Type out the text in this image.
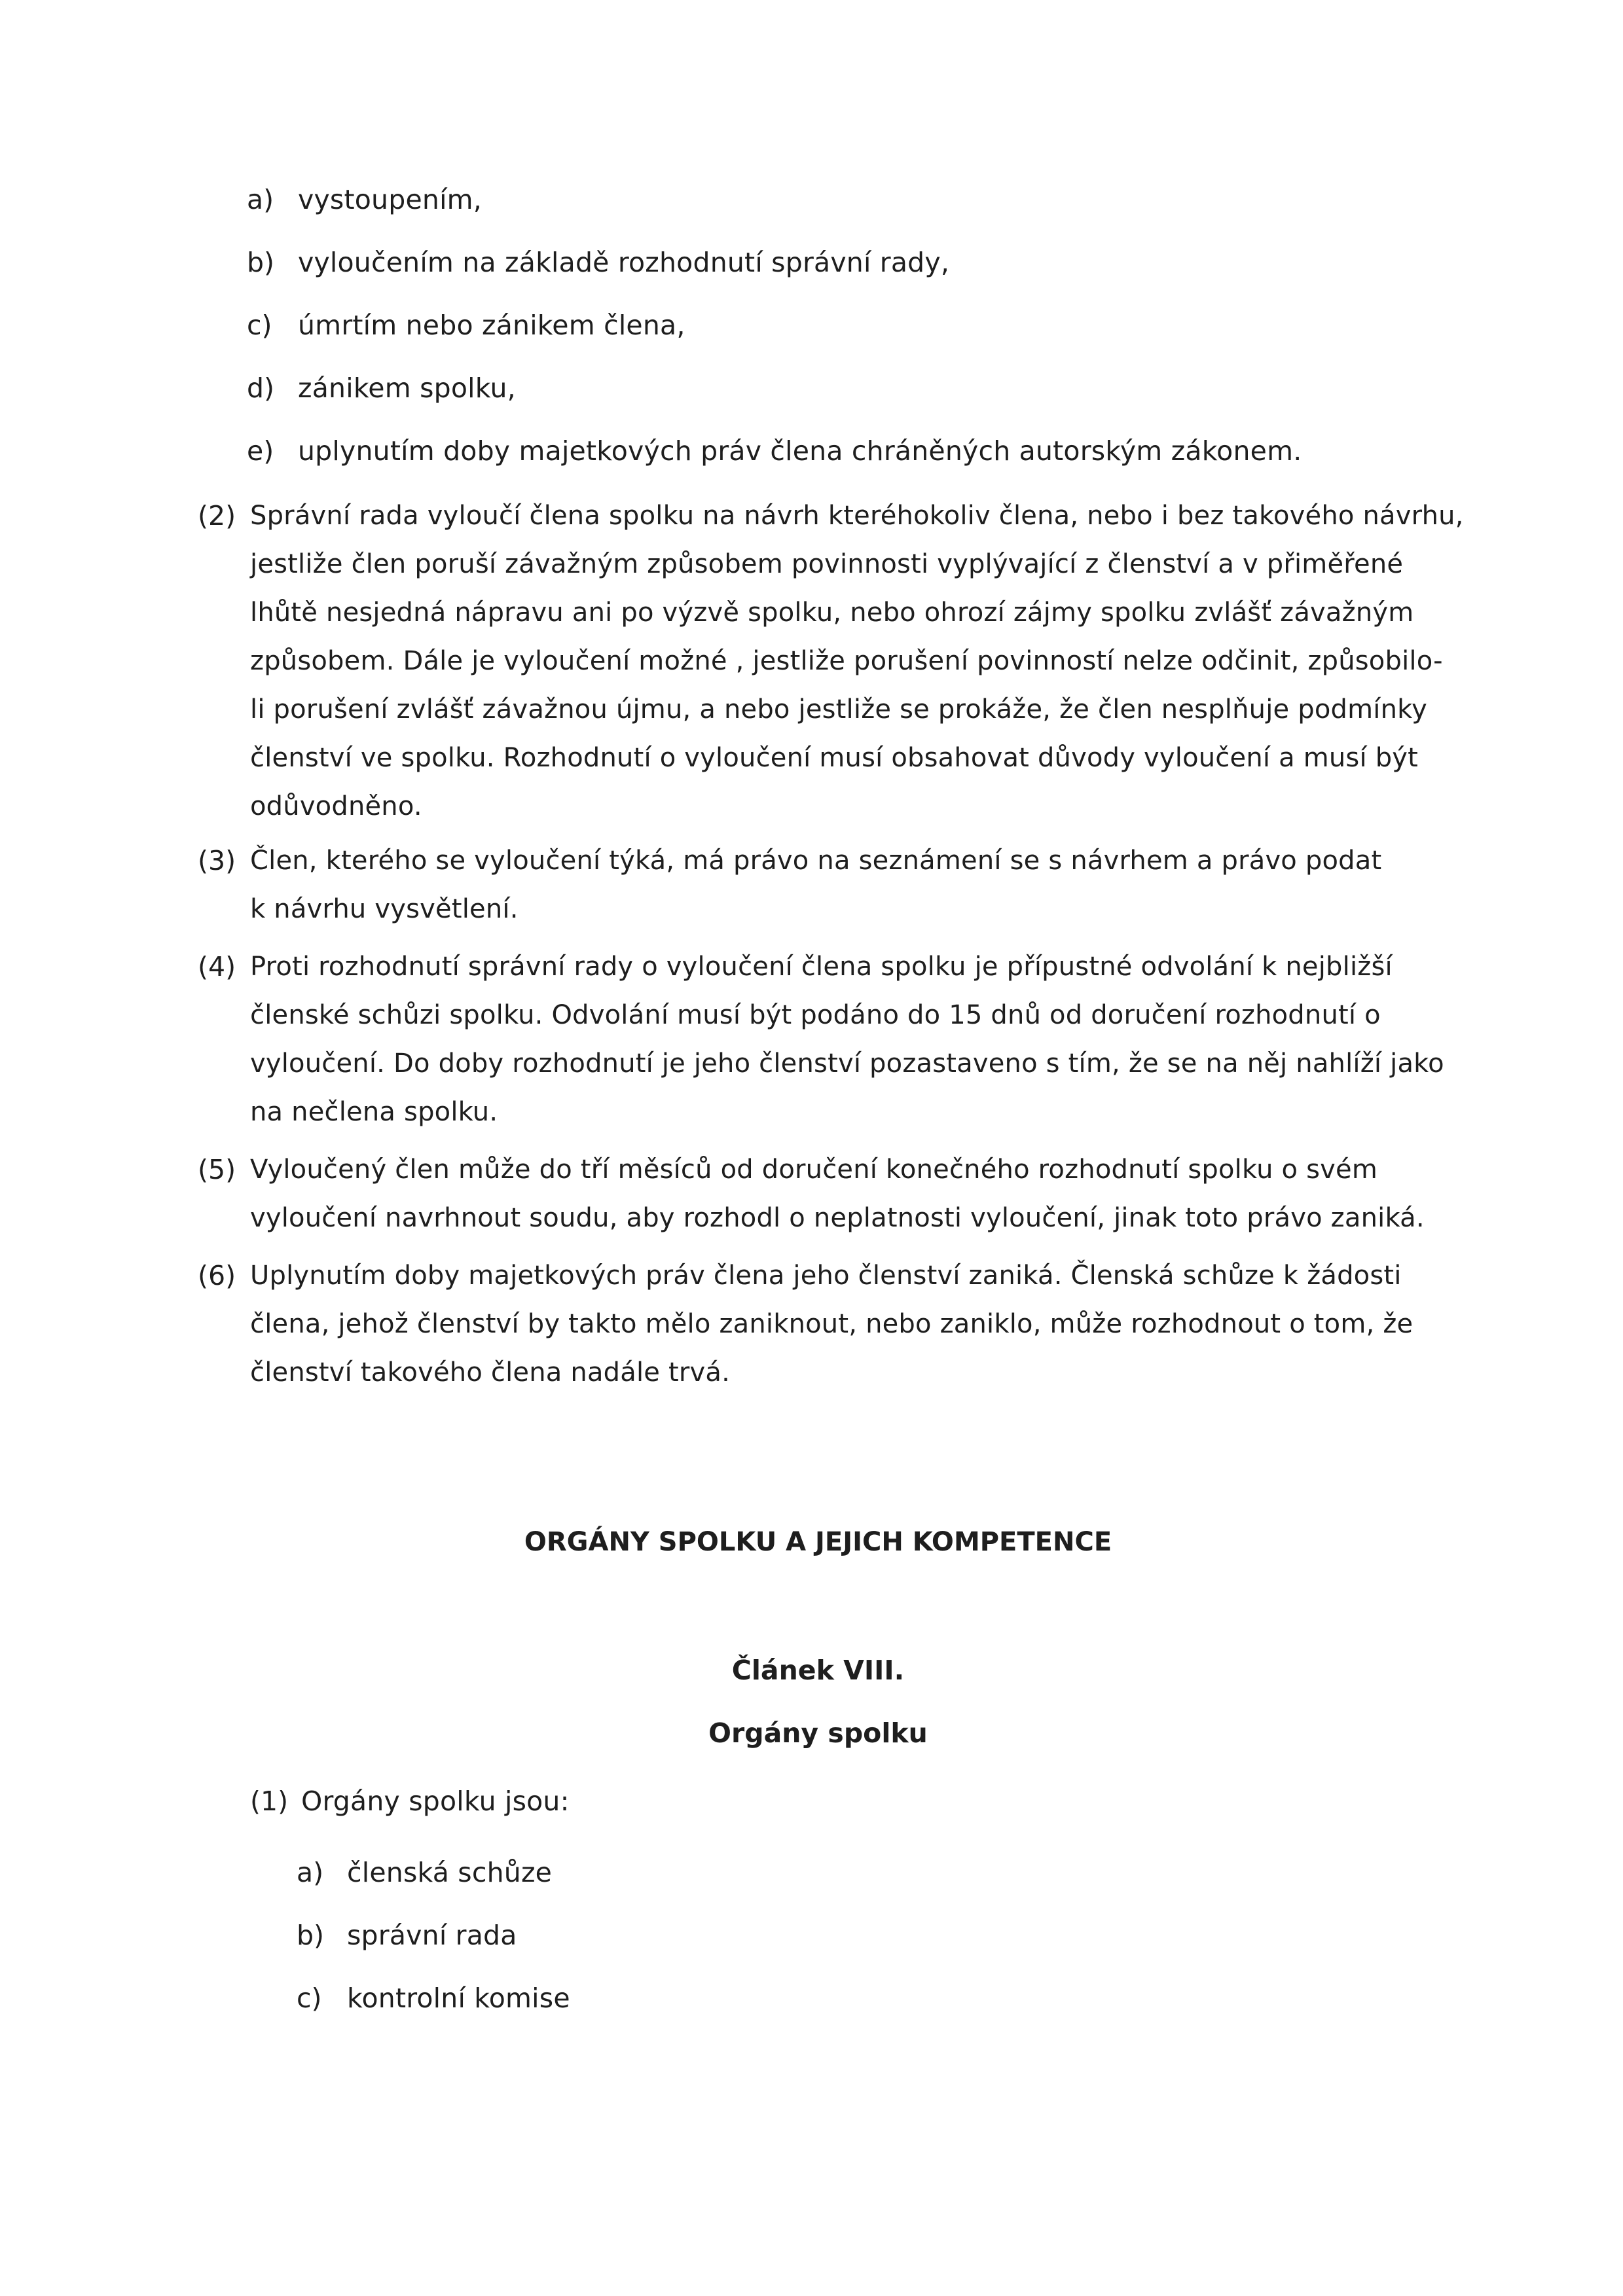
a) vystoupením,
b) vyloučením na základě rozhodnutí správní rady,
c) úmrtím nebo zánikem člena,
d) zánikem spolku,
e) uplynutím doby majetkových práv člena chráněných autorským zákonem.
(2) Správní rada vyloučí člena spolku na návrh kteréhokoliv člena, nebo i bez takového návrhu,
jestliže člen poruší závažným způsobem povinnosti vyplývající z členství a v přiměřené
lhůtě nesjedná nápravu ani po výzvě spolku, nebo ohrozí zájmy spolku zvlášť závažným
způsobem. Dále je vyloučení možné , jestliže porušení povinností nelze odčinit, způsobilo-
li porušení zvlášť závažnou újmu, a nebo jestliže se prokáže, že člen nesplňuje podmínky
členství ve spolku. Rozhodnutí o vyloučení musí obsahovat důvody vyloučení a musí být
odůvodněno.
(3) Člen, kterého se vyloučení týká, má právo na seznámení se s návrhem a právo podat
k návrhu vysvětlení.
(4) Proti rozhodnutí správní rady o vyloučení člena spolku je přípustné odvolání k nejbližší
členské schůzi spolku. Odvolání musí být podáno do 15 dnů od doručení rozhodnutí o
vyloučení. Do doby rozhodnutí je jeho členství pozastaveno s tím, že se na něj nahlíží jako
na nečlena spolku.
(5) Vyloučený člen může do tří měsíců od doručení konečného rozhodnutí spolku o svém
vyloučení navrhnout soudu, aby rozhodl o neplatnosti vyloučení, jinak toto právo zaniká.
(6) Uplynutím doby majetkových práv člena jeho členství zaniká. Členská schůze k žádosti
člena, jehož členství by takto mělo zaniknout, nebo zaniklo, může rozhodnout o tom, že
členství takového člena nadále trvá.
ORGÁNY SPOLKU A JEJICH KOMPETENCE
Článek VIII.
Orgány spolku
(1) Orgány spolku jsou:
a) členská schůze
b) správní rada
c) kontrolní komise
